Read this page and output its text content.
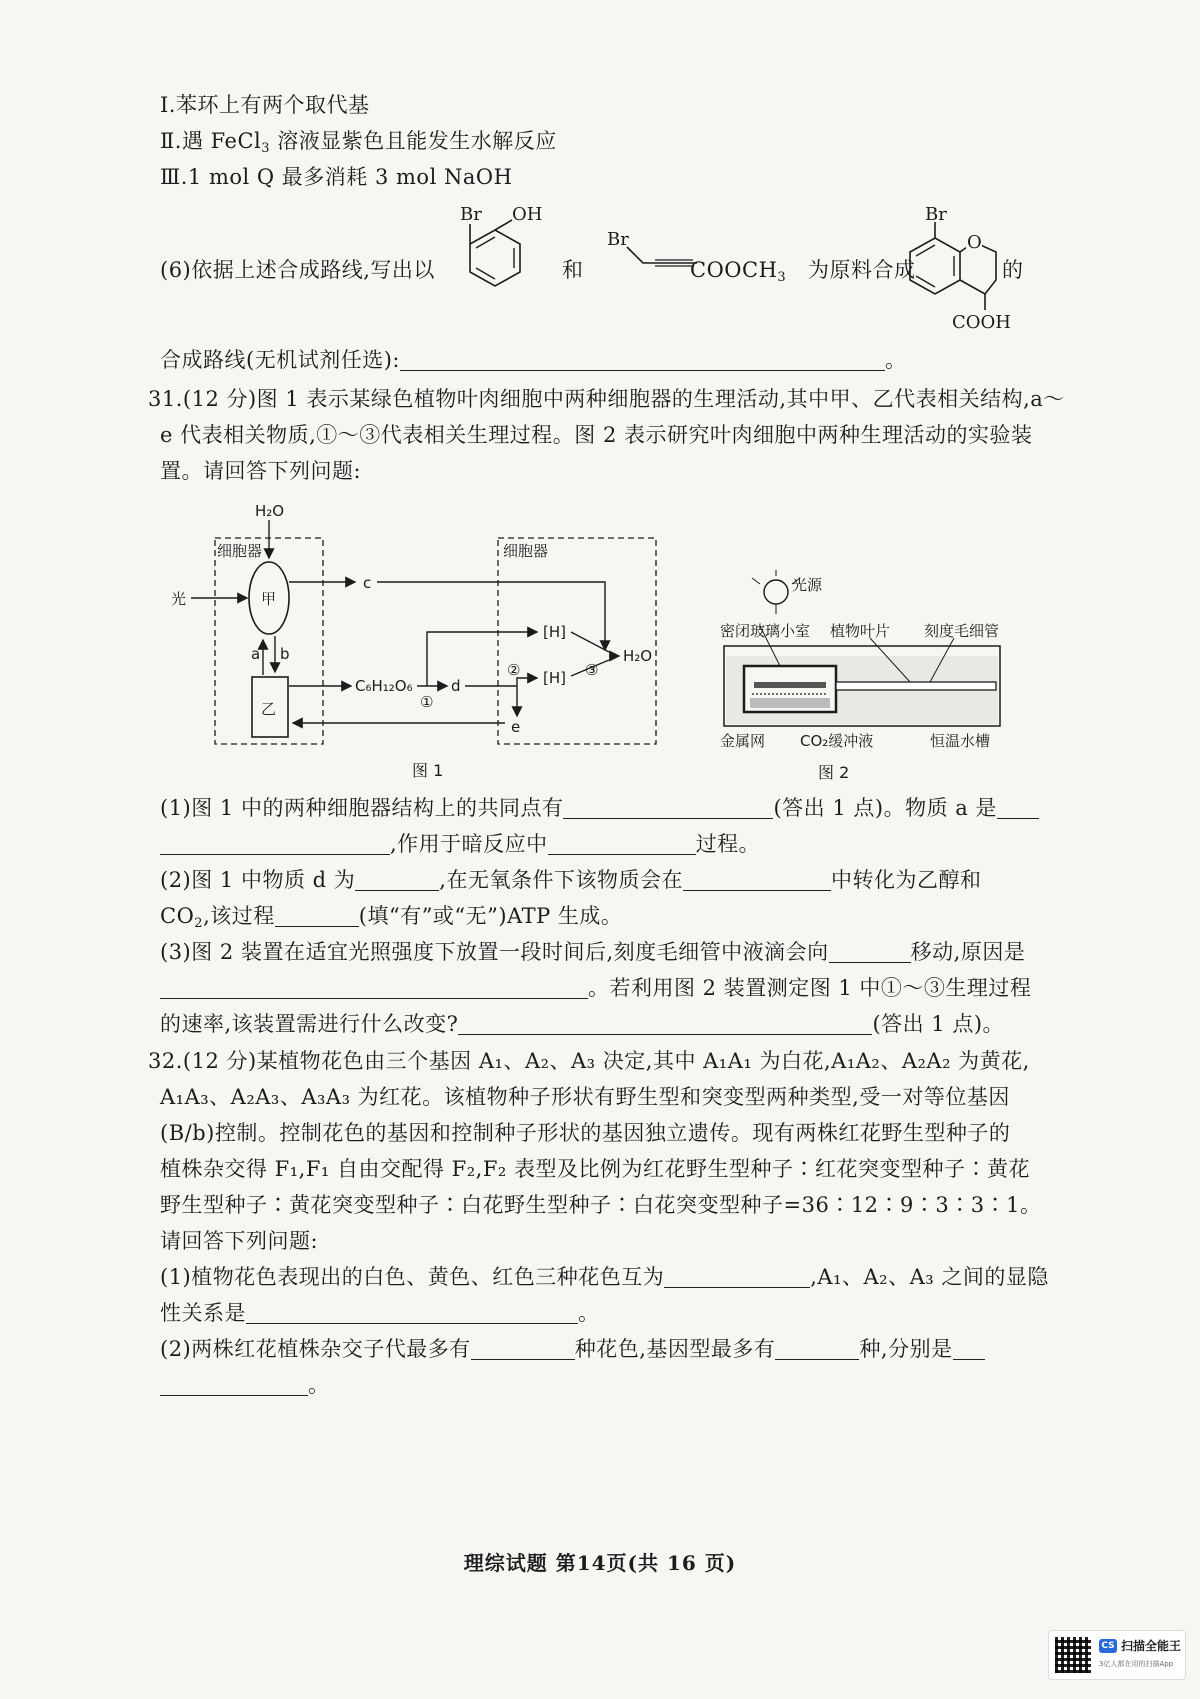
Ⅰ.苯环上有两个取代基
Ⅱ.遇 FeCl$_3$ 溶液显紫色且能发生水解反应
Ⅲ.1 mol Q 最多消耗 3 mol NaOH
(6)依据上述合成路线,写出以
Br OH
和
Br
$COOCH_3$ 为原料合成
Br
O
COOH
的
合成路线(无机试剂任选):	。
31.(12 分)图 1 表示某绿色植物叶肉细胞中两种细胞器的生理活动,其中甲、乙代表相关结构,a～
e 代表相关物质,①～③代表相关生理过程。图 2 表示研究叶肉细胞中两种生理活动的实验装
置。请回答下列问题:
H₂O
细胞器	细胞器
甲
光
a b
乙
c
C₆H₁₂O₆
①
d
②
e
[H]
[H] ③
H₂O
图 1
光源
密闭玻璃小室 植物叶片 刻度毛细管
金属网 CO₂缓冲液	恒温水槽
图 2
(1)图 1 中的两种细胞器结构上的共同点有	(答出 1 点)。物质 a 是
,作用于暗反应中	过程。
(2)图 1 中物质 d 为	,在无氧条件下该物质会在	中转化为乙醇和
$CO_2$,该过程	(填“有”或“无”)ATP 生成。
(3)图 2 装置在适宜光照强度下放置一段时间后,刻度毛细管中液滴会向	移动,原因是
。若利用图 2 装置测定图 1 中①～③生理过程
的速率,该装置需进行什么改变?	(答出 1 点)。
32.(12 分)某植物花色由三个基因 A₁、A₂、A₃ 决定,其中 A₁A₁ 为白花,A₁A₂、A₂A₂ 为黄花,
A₁A₃、A₂A₃、A₃A₃ 为红花。该植物种子形状有野生型和突变型两种类型,受一对等位基因
(B/b)控制。控制花色的基因和控制种子形状的基因独立遗传。现有两株红花野生型种子的
植株杂交得 F₁,F₁ 自由交配得 F₂,F₂ 表型及比例为红花野生型种子∶红花突变型种子∶黄花
野生型种子∶黄花突变型种子∶白花野生型种子∶白花突变型种子=36∶12∶9∶3∶3∶1。
请回答下列问题:
(1)植物花色表现出的白色、黄色、红色三种花色互为	,A₁、A₂、A₃ 之间的显隐
性关系是	。
(2)两株红花植株杂交子代最多有	种花色,基因型最多有	种,分别是
。
理综试题 第14页(共 16 页)
CS 扫描全能王
3亿人都在用的扫描App
